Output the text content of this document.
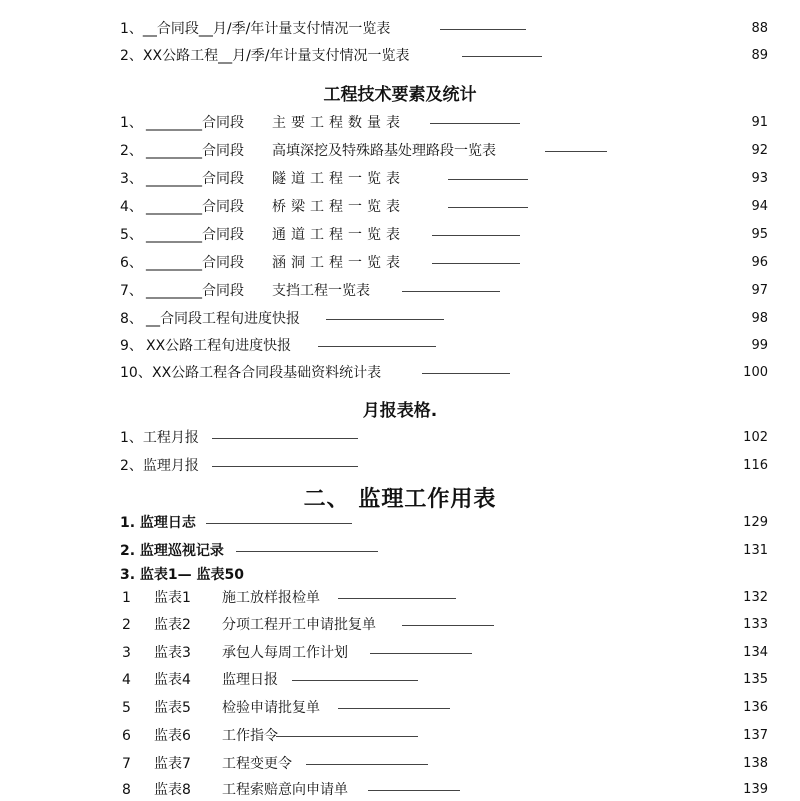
1、__合同段__月/季/年计量支付情况一览表	88
2、XX公路工程__月/季/年计量支付情况一览表	89
工程技术要素及统计
1、 ________合同段 主要工程数量表	91
2、 ________合同段 高填深挖及特殊路基处理路段一览表	92
3、 ________合同段 隧道工程一览表	93
4、 ________合同段 桥梁工程一览表	94
5、 ________合同段 通道工程一览表	95
6、 ________合同段 涵洞工程一览表	96
7、 ________合同段 支挡工程一览表	97
8、 __合同段工程旬进度快报	98
9、 XX公路工程旬进度快报	99
10、 XX公路工程各合同段基础资料统计表	100
月报表格.
1、工程月报	102
2、监理月报	116
二、 监理工作用表
1. 监理日志	129
2. 监理巡视记录	131
3. 监表1— 监表50
1 监表1 施工放样报检单	132
2 监表2 分项工程开工申请批复单	133
3 监表3 承包人每周工作计划	134
4 监表4 监理日报	135
5 监表5 检验申请批复单	136
6 监表6 工作指令	137
7 监表7 工程变更令	138
8 监表8 工程索赔意向申请单	139
